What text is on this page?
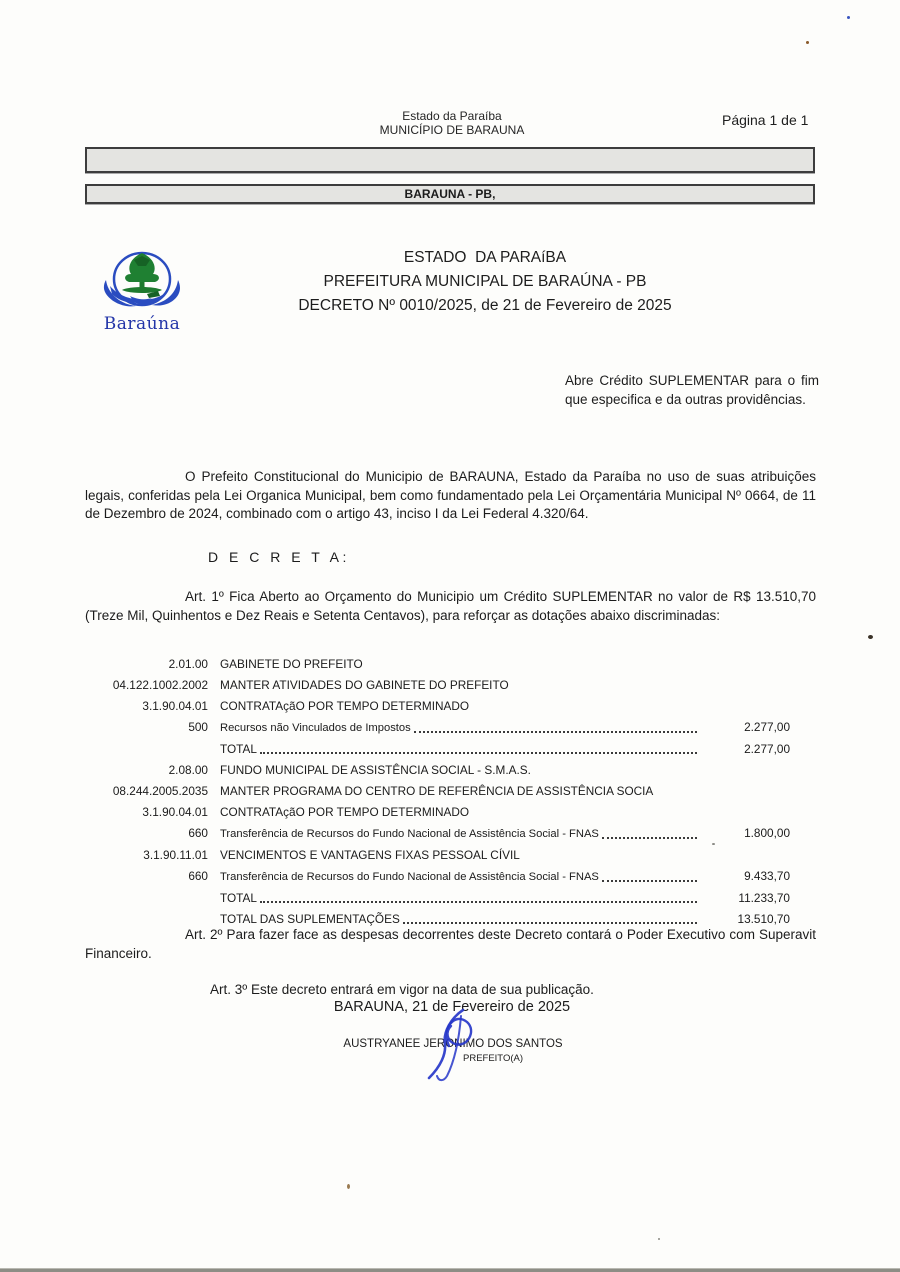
Estado da Paraíba
MUNICÍPIO DE BARAUNA
Página 1 de 1
BARAUNA - PB,
Baraúna
ESTADO  DA PARAíBA
PREFEITURA MUNICIPAL DE BARAÚNA - PB
DECRETO Nº 0010/2025, de 21 de Fevereiro de 2025
Abre Crédito SUPLEMENTAR para o fim que especifica e da outras providências.
O Prefeito Constitucional do Municipio de BARAUNA, Estado da Paraíba no uso de suas atribuições legais, conferidas pela Lei Organica Municipal, bem como fundamentado pela Lei Orçamentária Municipal Nº 0664, de 11 de Dezembro de 2024, combinado com o artigo 43, inciso I da Lei Federal 4.320/64.
D E C R E T A:
Art. 1º Fica Aberto ao Orçamento do Municipio um Crédito SUPLEMENTAR no valor de R$ 13.510,70 (Treze Mil, Quinhentos e Dez Reais e Setenta Centavos), para reforçar as dotações abaixo discriminadas:
2.01.00 GABINETE DO PREFEITO
04.122.1002.2002 MANTER ATIVIDADES DO GABINETE DO PREFEITO
3.1.90.04.01 CONTRATAçãO POR TEMPO DETERMINADO
500 Recursos não Vinculados de Impostos	2.277,00
TOTAL	2.277,00
2.08.00 FUNDO MUNICIPAL DE ASSISTÊNCIA SOCIAL - S.M.A.S.
08.244.2005.2035 MANTER PROGRAMA DO CENTRO DE REFERÊNCIA DE ASSISTÊNCIA SOCIA
3.1.90.04.01 CONTRATAçãO POR TEMPO DETERMINADO
660 Transferência de Recursos do Fundo Nacional de Assistência Social - FNAS	1.800,00
3.1.90.11.01 VENCIMENTOS E VANTAGENS FIXAS PESSOAL CÍVIL
660 Transferência de Recursos do Fundo Nacional de Assistência Social - FNAS	9.433,70
TOTAL	11.233,70
TOTAL DAS SUPLEMENTAÇÕES	13.510,70
Art. 2º Para fazer face as despesas decorrentes deste Decreto contará o Poder Executivo com Superavit Financeiro.
Art. 3º Este decreto entrará em vigor na data de sua publicação.
BARAUNA, 21 de Fevereiro de 2025
AUSTRYANEE JERONIMO DOS SANTOS
PREFEITO(A)
